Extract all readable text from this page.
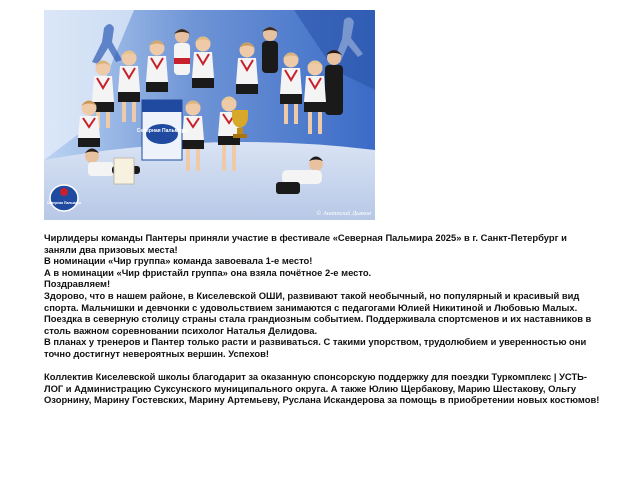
Северная Пальмира
Северная Пальмира
© Анатолий Дьяков

Чирлидеры команды Пантеры приняли участие в фестивале «Северная Пальмира 2025» в г. Санкт-Петербург и заняли два призовых места!

В номинации «Чир группа» команда завоевала 1-е место!

А в номинации «Чир фристайл группа» она взяла почётное 2-е место.

Поздравляем!

Здорово, что в нашем районе, в Киселевской ОШИ, развивают такой необычный, но популярный и красивый вид спорта. Мальчишки и девчонки с удовольствием занимаются с педагогами Юлией Никитиной и Любовью Малых.

Поездка в северную столицу страны стала грандиозным событием. Поддерживала спортсменов и их наставников в столь важном соревновании психолог Наталья Делидова.

В планах у тренеров и Пантер только расти и развиваться. С такими упорством, трудолюбием и уверенностью они точно достигнут невероятных вершин. Успехов!

Коллектив Киселевской школы благодарит за оказанную спонсорскую поддержку для поездки Туркомплекс | УСТЬ-ЛОГ и Администрацию Суксунского муниципального округа. А также Юлию Щербакову, Марию Шестакову, Ольгу Озорнину, Марину Гостевских, Марину Артемьеву, Руслана Искандерова за помощь в приобретении новых костюмов!
